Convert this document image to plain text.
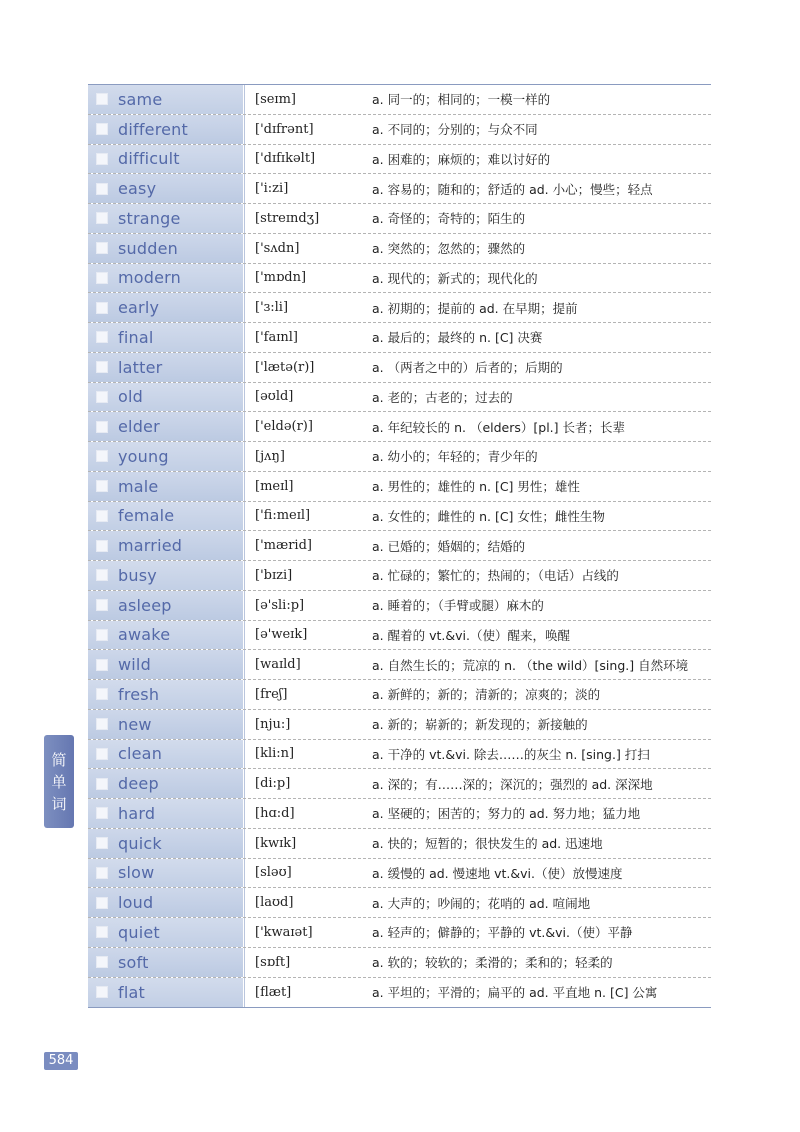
same	[seɪm]	a. 同一的；相同的；一模一样的
different	['dɪfrənt]	a. 不同的；分别的；与众不同
difficult	['dɪfɪkəlt]	a. 困难的；麻烦的；难以讨好的
easy	['i:zi]	a. 容易的；随和的；舒适的 ad. 小心；慢些；轻点
strange	[streɪndʒ]	a. 奇怪的；奇特的；陌生的
sudden	['sʌdn]	a. 突然的；忽然的；骤然的
modern	['mɒdn]	a. 现代的；新式的；现代化的
early	['ɜ:li]	a. 初期的；提前的 ad. 在早期；提前
final	['faɪnl]	a. 最后的；最终的 n. [C] 决赛
latter	['lætə(r)]	a. （两者之中的）后者的；后期的
old	[əʊld]	a. 老的；古老的；过去的
elder	['eldə(r)]	a. 年纪较长的 n. （elders）[pl.] 长者；长辈
young	[jʌŋ]	a. 幼小的；年轻的；青少年的
male	[meɪl]	a. 男性的；雄性的 n. [C] 男性；雄性
female	['fi:meɪl]	a. 女性的；雌性的 n. [C] 女性；雌性生物
married	['mærid]	a. 已婚的；婚姻的；结婚的
busy	['bɪzi]	a. 忙碌的；繁忙的；热闹的；（电话）占线的
asleep	[ə'sli:p]	a. 睡着的；（手臂或腿）麻木的
awake	[ə'weɪk]	a. 醒着的 vt.&vi.（使）醒来，唤醒
wild	[waɪld]	a. 自然生长的；荒凉的 n. （the wild）[sing.] 自然环境
fresh	[freʃ]	a. 新鲜的；新的；清新的；凉爽的；淡的
new	[nju:]	a. 新的；崭新的；新发现的；新接触的
clean	[kli:n]	a. 干净的 vt.&vi. 除去……的灰尘 n. [sing.] 打扫
deep	[di:p]	a. 深的；有……深的；深沉的；强烈的 ad. 深深地
hard	[hɑ:d]	a. 坚硬的；困苦的；努力的 ad. 努力地；猛力地
quick	[kwɪk]	a. 快的；短暂的；很快发生的 ad. 迅速地
slow	[sləʊ]	a. 缓慢的 ad. 慢速地 vt.&vi.（使）放慢速度
loud	[laʊd]	a. 大声的；吵闹的；花哨的 ad. 喧闹地
quiet	['kwaɪət]	a. 轻声的；僻静的；平静的 vt.&vi.（使）平静
soft	[sɒft]	a. 软的；较软的；柔滑的；柔和的；轻柔的
flat	[flæt]	a. 平坦的；平滑的；扁平的 ad. 平直地 n. [C] 公寓
简
单
词
584
